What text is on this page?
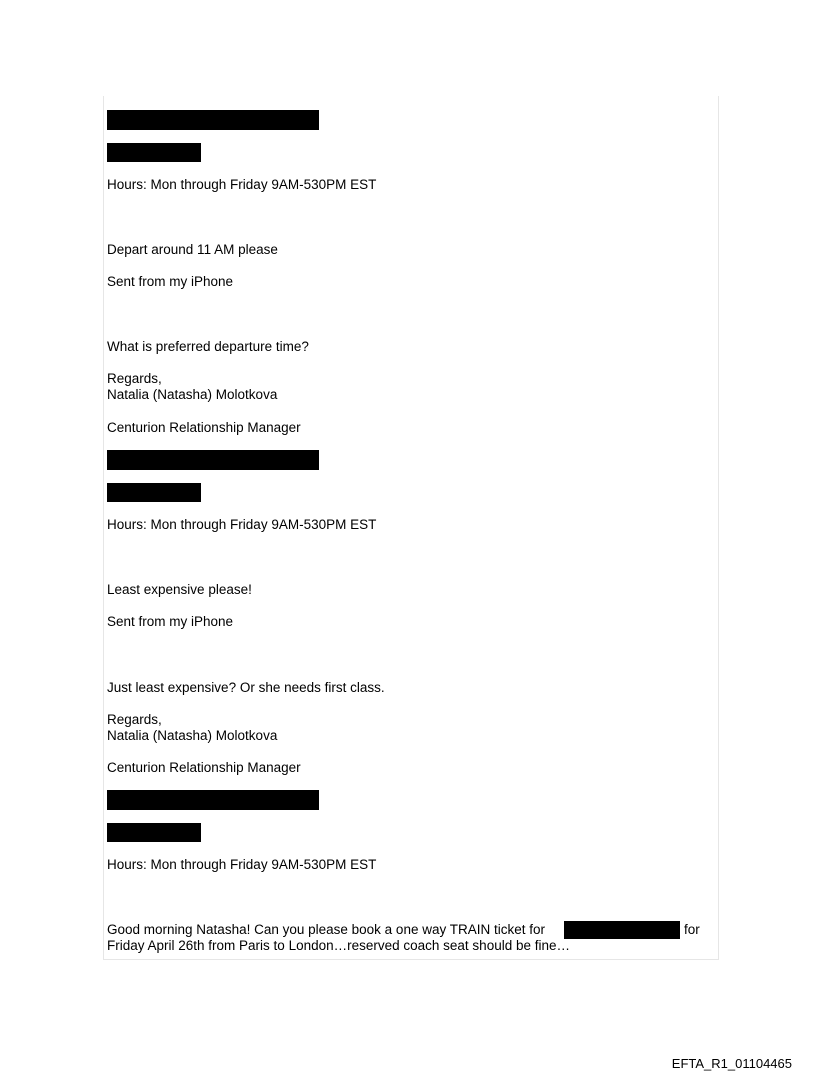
Hours: Mon through Friday 9AM-530PM EST
Depart around 11 AM please
Sent from my iPhone
What is preferred departure time?
Regards,
Natalia (Natasha) Molotkova
Centurion Relationship Manager
Hours: Mon through Friday 9AM-530PM EST
Least expensive please!
Sent from my iPhone
Just least expensive? Or she needs first class.
Regards,
Natalia (Natasha) Molotkova
Centurion Relationship Manager
Hours: Mon through Friday 9AM-530PM EST
Good morning Natasha! Can you please book a one way TRAIN ticket for	for
Friday April 26th from Paris to London…reserved coach seat should be fine…
EFTA_R1_01104465
